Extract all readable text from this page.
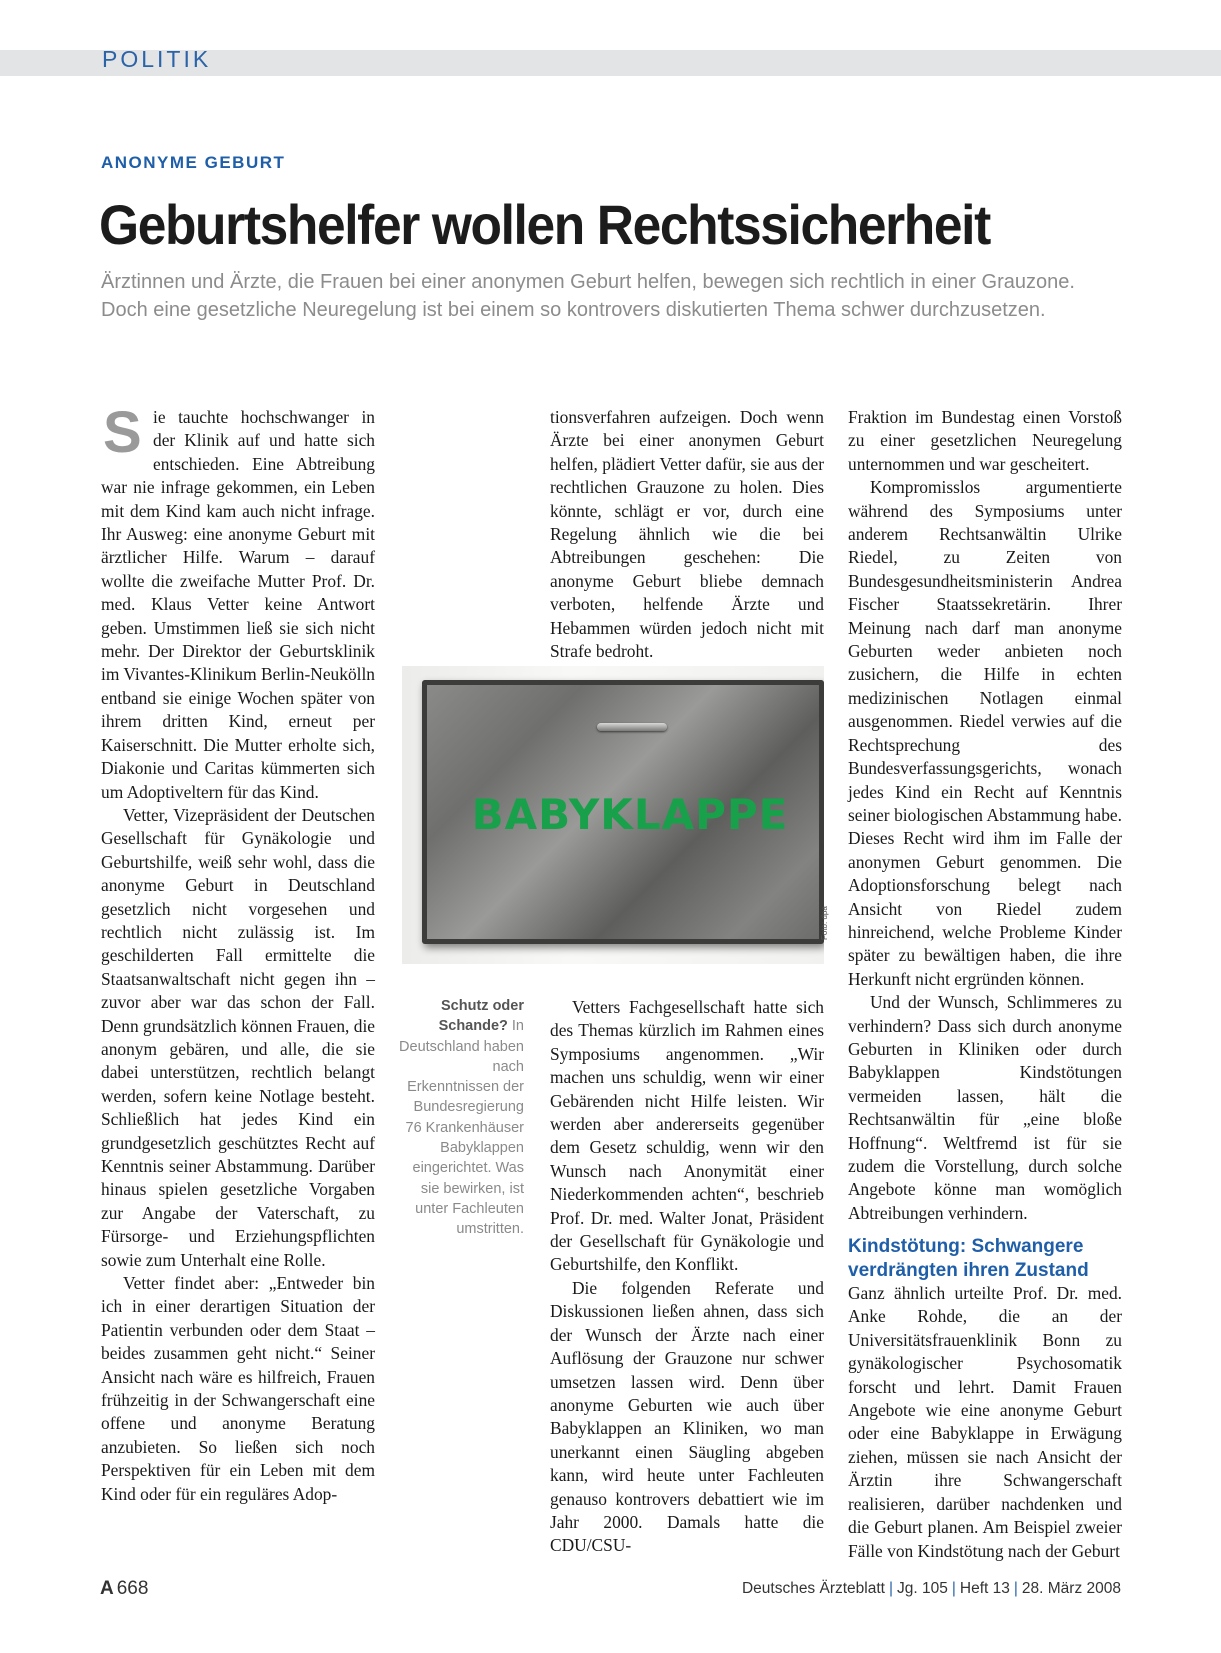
POLITIK
ANONYME GEBURT
Geburtshelfer wollen Rechtssicherheit

Ärztinnen und Ärzte, die Frauen bei einer anonymen Geburt helfen, bewegen sich rechtlich in einer Grauzone. Doch eine gesetzliche Neuregelung ist bei einem so kontrovers diskutierten Thema schwer durchzusetzen.

S ie tauchte hochschwanger in der Klinik auf und hatte sich entschieden. Eine Abtreibung war nie infrage gekommen, ein Leben mit dem Kind kam auch nicht infrage. Ihr Ausweg: eine anonyme Geburt mit ärztlicher Hilfe. Warum – darauf wollte die zweifache Mutter Prof. Dr. med. Klaus Vetter keine Antwort geben. Umstimmen ließ sie sich nicht mehr. Der Direktor der Geburtsklinik im Vivantes-Klinikum Berlin-Neukölln entband sie einige Wochen später von ihrem dritten Kind, erneut per Kaiserschnitt. Die Mutter erholte sich, Diakonie und Caritas kümmerten sich um Adoptiveltern für das Kind.

Vetter, Vizepräsident der Deutschen Gesellschaft für Gynäkologie und Geburtshilfe, weiß sehr wohl, dass die anonyme Geburt in Deutschland gesetzlich nicht vorgesehen und rechtlich nicht zulässig ist. Im geschilderten Fall ermittelte die Staatsanwaltschaft nicht gegen ihn – zuvor aber war das schon der Fall. Denn grundsätzlich können Frauen, die anonym gebären, und alle, die sie dabei unterstützen, rechtlich belangt werden, sofern keine Notlage besteht. Schließlich hat jedes Kind ein grundgesetzlich geschütztes Recht auf Kenntnis seiner Abstammung. Darüber hinaus spielen gesetzliche Vorgaben zur Angabe der Vaterschaft, zu Fürsorge- und Erziehungspflichten sowie zum Unterhalt eine Rolle.

Vetter findet aber: „Entweder bin ich in einer derartigen Situation der Patientin verbunden oder dem Staat – beides zusammen geht nicht.“ Seiner Ansicht nach wäre es hilfreich, Frauen frühzeitig in der Schwangerschaft eine offene und anonyme Beratung anzubieten. So ließen sich noch Perspektiven für ein Leben mit dem Kind oder für ein reguläres Adop-

tionsverfahren aufzeigen. Doch wenn Ärzte bei einer anonymen Geburt helfen, plädiert Vetter dafür, sie aus der rechtlichen Grauzone zu holen. Dies könnte, schlägt er vor, durch eine Regelung ähnlich wie die bei Abtreibungen geschehen: Die anonyme Geburt bliebe demnach verboten, helfende Ärzte und Hebammen würden jedoch nicht mit Strafe bedroht.

Vetters Fachgesellschaft hatte sich des Themas kürzlich im Rahmen eines Symposiums angenommen. „Wir machen uns schuldig, wenn wir einer Gebärenden nicht Hilfe leisten. Wir werden aber andererseits gegenüber dem Gesetz schuldig, wenn wir den Wunsch nach Anonymität einer Niederkommenden achten“, beschrieb Prof. Dr. med. Walter Jonat, Präsident der Gesellschaft für Gynäkologie und Geburtshilfe, den Konflikt.

Die folgenden Referate und Diskussionen ließen ahnen, dass sich der Wunsch der Ärzte nach einer Auflösung der Grauzone nur schwer umsetzen lassen wird. Denn über anonyme Geburten wie auch über Babyklappen an Kliniken, wo man unerkannt einen Säugling abgeben kann, wird heute unter Fachleuten genauso kontrovers debattiert wie im Jahr 2000. Damals hatte die CDU/CSU-

BABYKLAPPE
Foto: dpa
Schutz oder Schande? In Deutschland haben nach Erkenntnissen der Bundesregierung 76 Krankenhäuser Babyklappen eingerichtet. Was sie bewirken, ist unter Fachleuten umstritten.

Fraktion im Bundestag einen Vorstoß zu einer gesetzlichen Neuregelung unternommen und war gescheitert.

Kompromisslos argumentierte während des Symposiums unter anderem Rechtsanwältin Ulrike Riedel, zu Zeiten von Bundesgesundheitsministerin Andrea Fischer Staatssekretärin. Ihrer Meinung nach darf man anonyme Geburten weder anbieten noch zusichern, die Hilfe in echten medizinischen Notlagen einmal ausgenommen. Riedel verwies auf die Rechtsprechung des Bundesverfassungsgerichts, wonach jedes Kind ein Recht auf Kenntnis seiner biologischen Abstammung habe. Dieses Recht wird ihm im Falle der anonymen Geburt genommen. Die Adoptionsforschung belegt nach Ansicht von Riedel zudem hinreichend, welche Probleme Kinder später zu bewältigen haben, die ihre Herkunft nicht ergründen können.

Und der Wunsch, Schlimmeres zu verhindern? Dass sich durch anonyme Geburten in Kliniken oder durch Babyklappen Kindstötungen vermeiden lassen, hält die Rechtsanwältin für „eine bloße Hoffnung“. Weltfremd ist für sie zudem die Vorstellung, durch solche Angebote könne man womöglich Abtreibungen verhindern.

Kindstötung: Schwangere verdrängten ihren Zustand

Ganz ähnlich urteilte Prof. Dr. med. Anke Rohde, die an der Universitätsfrauenklinik Bonn zu gynäkologischer Psychosomatik forscht und lehrt. Damit Frauen Angebote wie eine anonyme Geburt oder eine Babyklappe in Erwägung ziehen, müssen sie nach Ansicht der Ärztin ihre Schwangerschaft realisieren, darüber nachdenken und die Geburt planen. Am Beispiel zweier Fälle von Kindstötung nach der Geburt

A 668	Deutsches Ärzteblatt | Jg. 105 | Heft 13 | 28. März 2008
